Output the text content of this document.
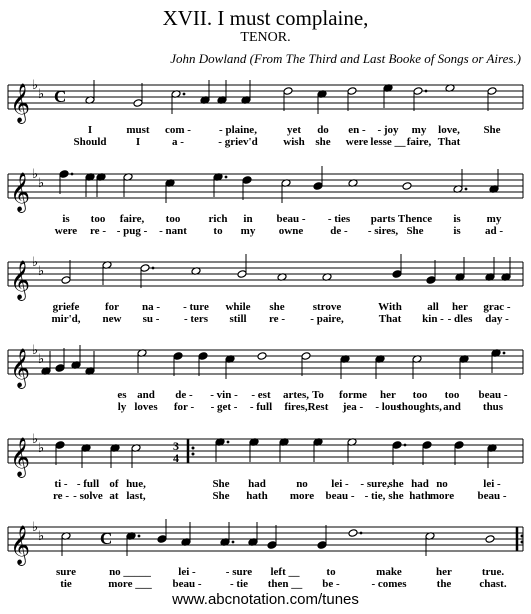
XVII. I must complaine,
TENOR.
John Dowland (From The Third and Last Booke of Songs or Aires.)
𝄞 ♭
♭
I	must com -	- plaine,	yet do en - - joy my love, She
Should	I	a -	- griev'd wish she were lesse __ faire, That
𝄞 ♭
♭
is too faire, too	rich in beau - - ties parts Thence is my
were re - - pug - - nant to my owne de - - sires, She	is ad -
𝄞 ♭
♭
griefe for na - - ture while she	strove	With all her grac -
mir'd, new su - - ters still re - - paire,	That kin - - dles day -
𝄞 ♭
♭
es and de - - vin - - est artes, To forme her too too beau -
ly loves for - - get - - full fires, Rest jea - - lous
thoughts, and thus
𝄞 ♭
♭
ti - - full of hue,	She had	no lei - - sure,
she had no	lei -
re - - solve at last,	She hath more beau - - tie, she hath more beau -
𝄞 ♭
♭
sure	no _____ lei -	- sure left __ to	make	her	true.
tie	more ___ beau -	- tie then __ be -	- comes	the	chast.
C
3
4
C
www.abcnotation.com/tunes
